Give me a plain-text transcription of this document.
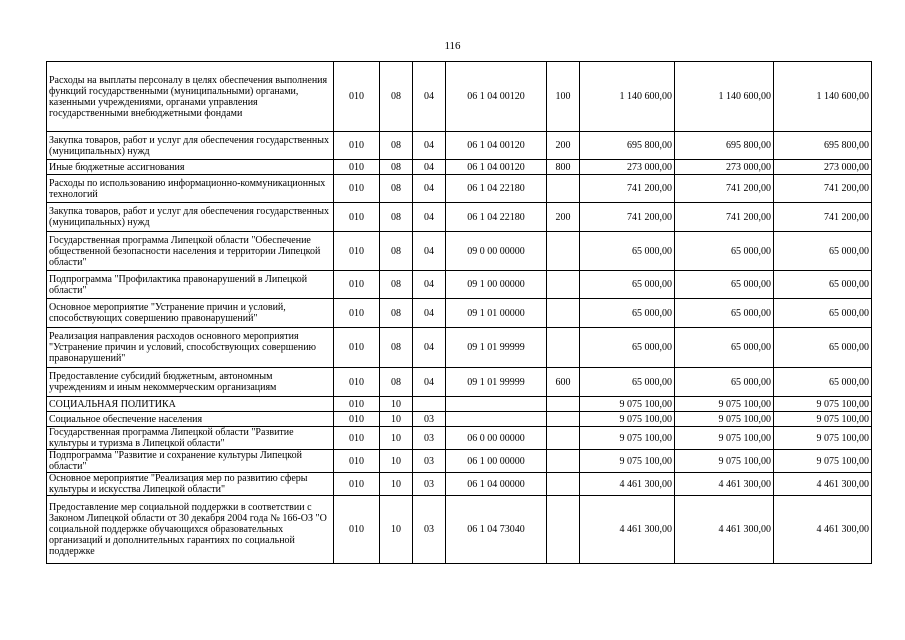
116
Расходы на выплаты персоналу в целях обеспечения выполнения функций государственными (муниципальными) органами, казенными учреждениями, органами управления государственными внебюджетными фондами	010	08	04	06 1 04 00120	100	1 140 600,00	1 140 600,00	1 140 600,00
Закупка товаров, работ и услуг для обеспечения государственных (муниципальных) нужд	010	08	04	06 1 04 00120	200	695 800,00	695 800,00	695 800,00
Иные бюджетные ассигнования	010	08	04	06 1 04 00120	800	273 000,00	273 000,00	273 000,00
Расходы по использованию информационно-коммуникационных технологий	010	08	04	06 1 04 22180		741 200,00	741 200,00	741 200,00
Закупка товаров, работ и услуг для обеспечения государственных (муниципальных) нужд	010	08	04	06 1 04 22180	200	741 200,00	741 200,00	741 200,00
Государственная программа Липецкой области "Обеспечение общественной безопасности населения и территории Липецкой области"	010	08	04	09 0 00 00000		65 000,00	65 000,00	65 000,00
Подпрограмма "Профилактика правонарушений в Липецкой области"	010	08	04	09 1 00 00000		65 000,00	65 000,00	65 000,00
Основное мероприятие "Устранение причин и условий, способствующих совершению правонарушений"	010	08	04	09 1 01 00000		65 000,00	65 000,00	65 000,00
Реализация направления расходов основного мероприятия "Устранение причин и условий, способствующих совершению правонарушений"	010	08	04	09 1 01 99999		65 000,00	65 000,00	65 000,00
Предоставление субсидий бюджетным, автономным учреждениям и иным некоммерческим организациям	010	08	04	09 1 01 99999	600	65 000,00	65 000,00	65 000,00
СОЦИАЛЬНАЯ ПОЛИТИКА	010	10				9 075 100,00	9 075 100,00	9 075 100,00
Социальное обеспечение населения	010	10	03			9 075 100,00	9 075 100,00	9 075 100,00
Государственная программа Липецкой области "Развитие культуры и туризма в Липецкой области"	010	10	03	06 0 00 00000		9 075 100,00	9 075 100,00	9 075 100,00
Подпрограмма "Развитие и сохранение культуры Липецкой области"	010	10	03	06 1 00 00000		9 075 100,00	9 075 100,00	9 075 100,00
Основное мероприятие "Реализация мер по развитию сферы культуры и искусства Липецкой области"	010	10	03	06 1 04 00000		4 461 300,00	4 461 300,00	4 461 300,00
Предоставление мер социальной поддержки в соответствии с Законом Липецкой области от 30 декабря 2004 года № 166-ОЗ "О социальной поддержке обучающихся образовательных организаций и дополнительных гарантиях по социальной поддержке	010	10	03	06 1 04 73040		4 461 300,00	4 461 300,00	4 461 300,00
